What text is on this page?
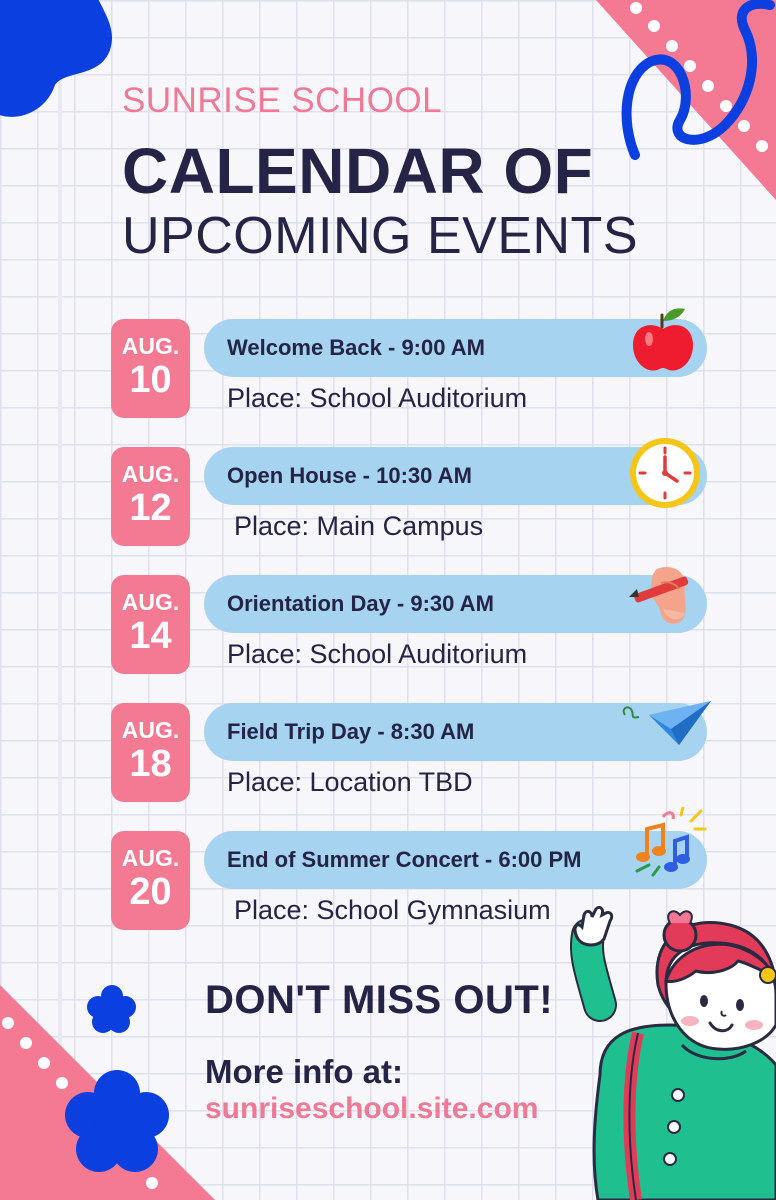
SUNRISE SCHOOL
CALENDAR OF
UPCOMING EVENTS
AUG.
10
Welcome Back - 9:00 AM
Place: School Auditorium
AUG.
12
Open House - 10:30 AM
Place: Main Campus
AUG.
14
Orientation Day - 9:30 AM
Place: School Auditorium
AUG.
18
Field Trip Day - 8:30 AM
Place: Location TBD
AUG.
20
End of Summer Concert - 6:00 PM
Place: School Gymnasium
DON'T MISS OUT!
More info at:
sunriseschool.site.com
